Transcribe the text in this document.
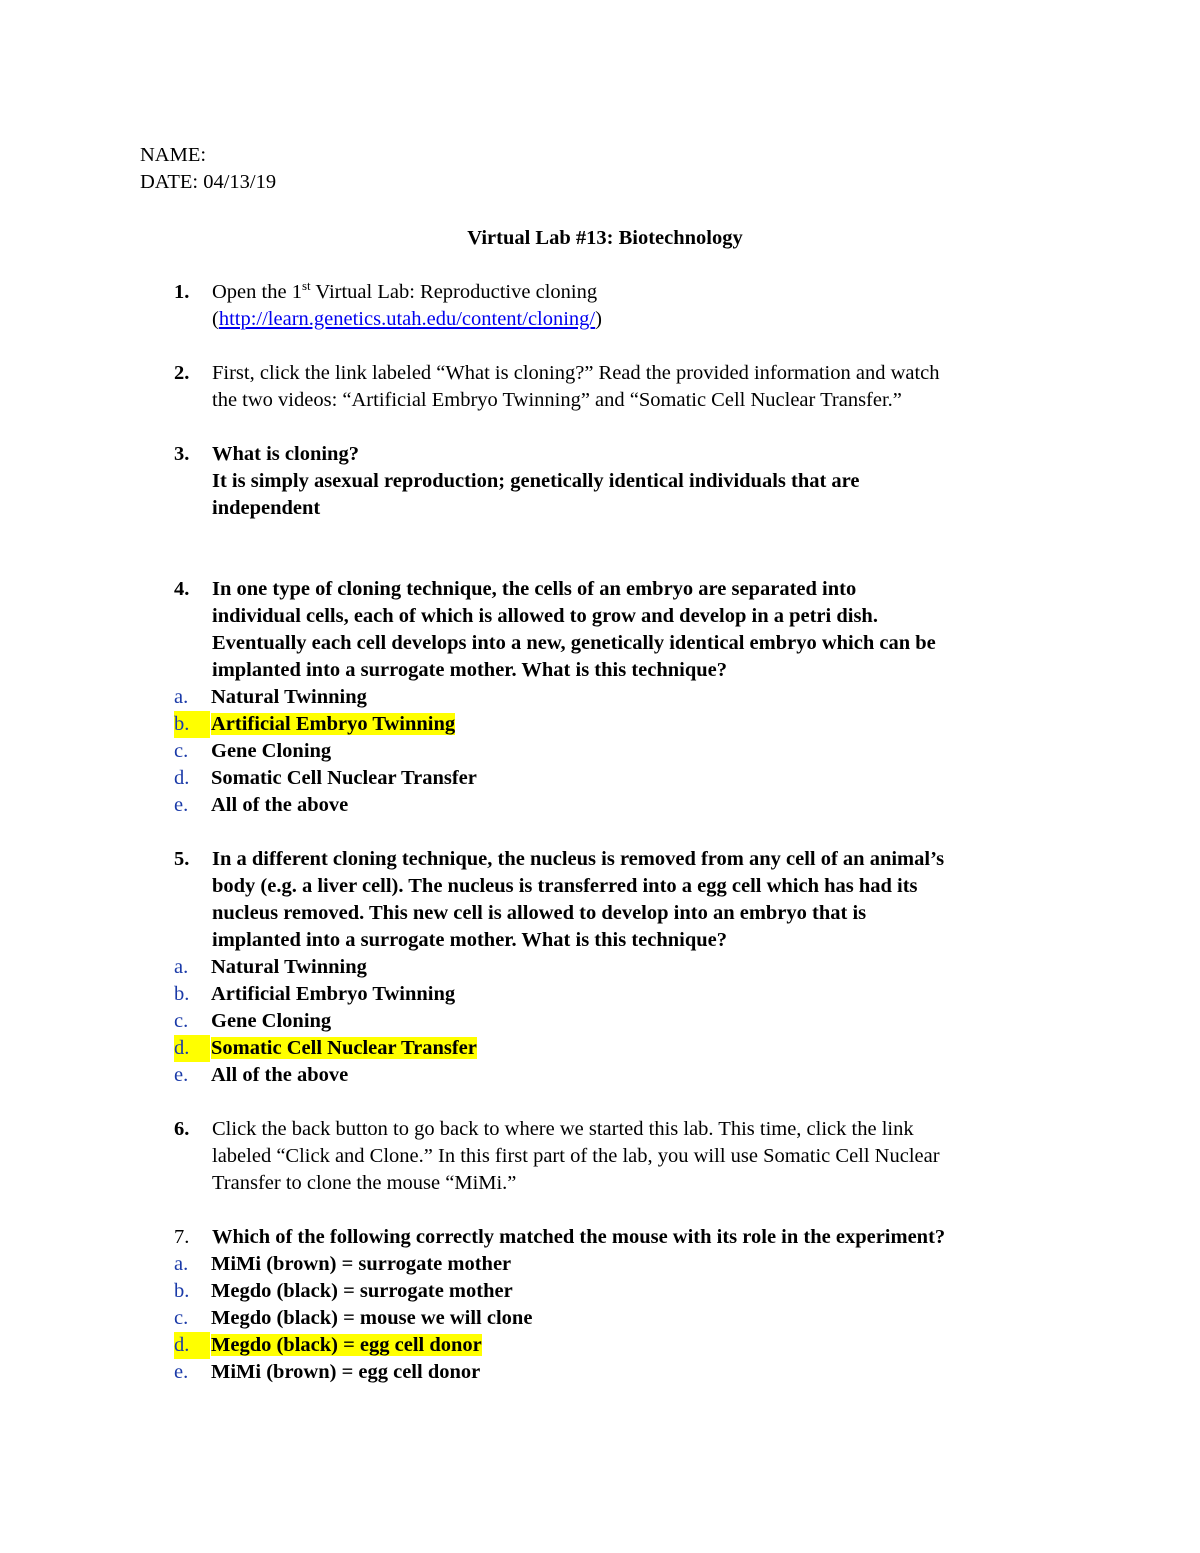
NAME:
DATE: 04/13/19
Virtual Lab #13: Biotechnology
1. Open the 1st Virtual Lab: Reproductive cloning
(http://learn.genetics.utah.edu/content/cloning/)
2. First, click the link labeled “What is cloning?” Read the provided information and watch
the two videos: “Artificial Embryo Twinning” and “Somatic Cell Nuclear Transfer.”
3. What is cloning?
It is simply asexual reproduction; genetically identical individuals that are
independent
4. In one type of cloning technique, the cells of an embryo are separated into
individual cells, each of which is allowed to grow and develop in a petri dish.
Eventually each cell develops into a new, genetically identical embryo which can be
implanted into a surrogate mother. What is this technique?
a.	Natural Twinning
b.	Artificial Embryo Twinning
c.	Gene Cloning
d.	Somatic Cell Nuclear Transfer
e.	All of the above
5. In a different cloning technique, the nucleus is removed from any cell of an animal’s
body (e.g. a liver cell). The nucleus is transferred into a egg cell which has had its
nucleus removed. This new cell is allowed to develop into an embryo that is
implanted into a surrogate mother. What is this technique?
a.	Natural Twinning
b.	Artificial Embryo Twinning
c.	Gene Cloning
d.	Somatic Cell Nuclear Transfer
e.	All of the above
6. Click the back button to go back to where we started this lab. This time, click the link
labeled “Click and Clone.” In this first part of the lab, you will use Somatic Cell Nuclear
Transfer to clone the mouse “MiMi.”
7. Which of the following correctly matched the mouse with its role in the experiment?
a.	MiMi (brown) = surrogate mother
b.	Megdo (black) = surrogate mother
c.	Megdo (black) = mouse we will clone
d.	Megdo (black) = egg cell donor
e.	MiMi (brown) = egg cell donor
